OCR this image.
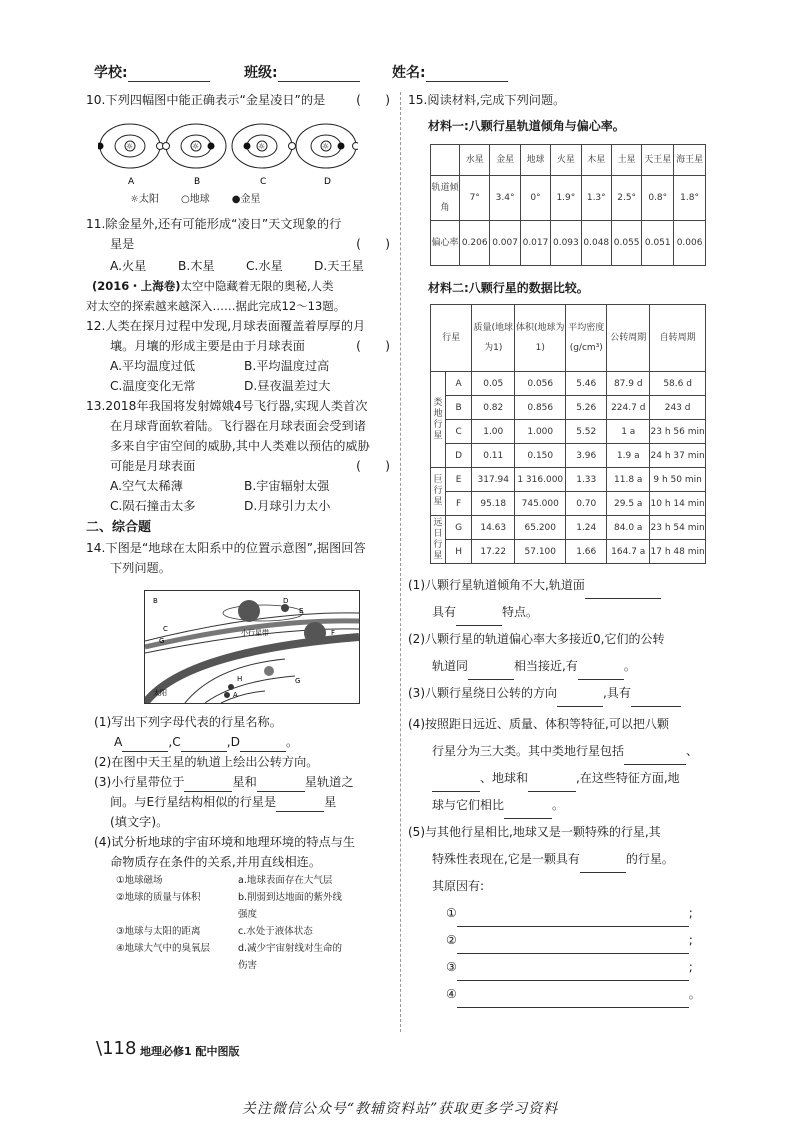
学校:	班级:	姓名:

10.下列四幅图中能正确表示“金星凌日”的是	(　　)

☼	☼	☼	☼
A	B	C	D
☼太阳 ○地球 ●金星

11.除金星外,还有可能形成“凌日”天文现象的行

星是	(　　)

A.火星	B.木星	C.水星	D.天王星

(2016・上海卷)太空中隐藏着无限的奥秘,人类

对太空的探索越来越深入……据此完成12～13题。

12.人类在探月过程中发现,月球表面覆盖着厚厚的月

壤。月壤的形成主要是由于月球表面	(　　)

A.平均温度过低	B.平均温度过高
C.温度变化无常	D.昼夜温差过大

13.2018年我国将发射嫦娥4号飞行器,实现人类首次

在月球背面软着陆。飞行器在月球表面会受到诸

多来自宇宙空间的威胁,其中人类难以预估的威胁

可能是月球表面	(　　)

A.空气太稀薄	B.宇宙辐射太强
C.陨石撞击太多	D.月球引力太小

二、综合题

14.下图是“地球在太阳系中的位置示意图”,据图回答

下列问题。

B
E
D
C
G
A
H
F
G
小行星带
太阳

(1)写出下列字母代表的行星名称。

A	,C	,D	。

(2)在图中天王星的轨道上绘出公转方向。

(3)小行星带位于	星和	星轨道之

间。与E行星结构相似的行星是	星

(填文字)。

(4)试分析地球的宇宙环境和地理环境的特点与生

命物质存在条件的关系,并用直线相连。

①地球磁场	a.地球表面存在大气层
②地球的质量与体积	b.削弱到达地面的紫外线
强度
③地球与太阳的距离	c.水处于液体状态
④地球大气中的臭氧层	d.减少宇宙射线对生命的
伤害

15.阅读材料,完成下列问题。

材料一:八颗行星轨道倾角与偏心率。

	水星	金星	地球	火星	木星	土星	天王星	海王星
轨道倾角	7°	3.4°	0°	1.9°	1.3°	2.5°	0.8°	1.8°
偏心率	0.206	0.007	0.017	0.093	0.048	0.055	0.051	0.006

材料二:八颗行星的数据比较。

行星		质量(地球为1)	体积(地球为1)	平均密度(g/cm³)	公转周期	自转周期
类地行星	A	0.05	0.056	5.46	87.9 d	58.6 d
	B	0.82	0.856	5.26	224.7 d	243 d
	C	1.00	1.000	5.52	1 a	23 h 56 min
	D	0.11	0.150	3.96	1.9 a	24 h 37 min
巨行星	E	317.94	1 316.000	1.33	11.8 a	9 h 50 min
	F	95.18	745.000	0.70	29.5 a	10 h 14 min
远日行星	G	14.63	65.200	1.24	84.0 a	23 h 54 min
	H	17.22	57.100	1.66	164.7 a	17 h 48 min

(1)八颗行星轨道倾角不大,轨道面

具有	特点。

(2)八颗行星的轨道偏心率大多接近0,它们的公转

轨道同	相当接近,有	。

(3)八颗行星绕日公转的方向	,具有

(4)按照距日远近、质量、体积等特征,可以把八颗

行星分为三大类。其中类地行星包括	、

、地球和	,在这些特征方面,地

球与它们相比	。

(5)与其他行星相比,地球又是一颗特殊的行星,其

特殊性表现在,它是一颗具有	的行星。

其原因有:

①	;

②	;

③	;

④	。

\118 地理必修1 配中图版
关注微信公众号“教辅资料站”获取更多学习资料
